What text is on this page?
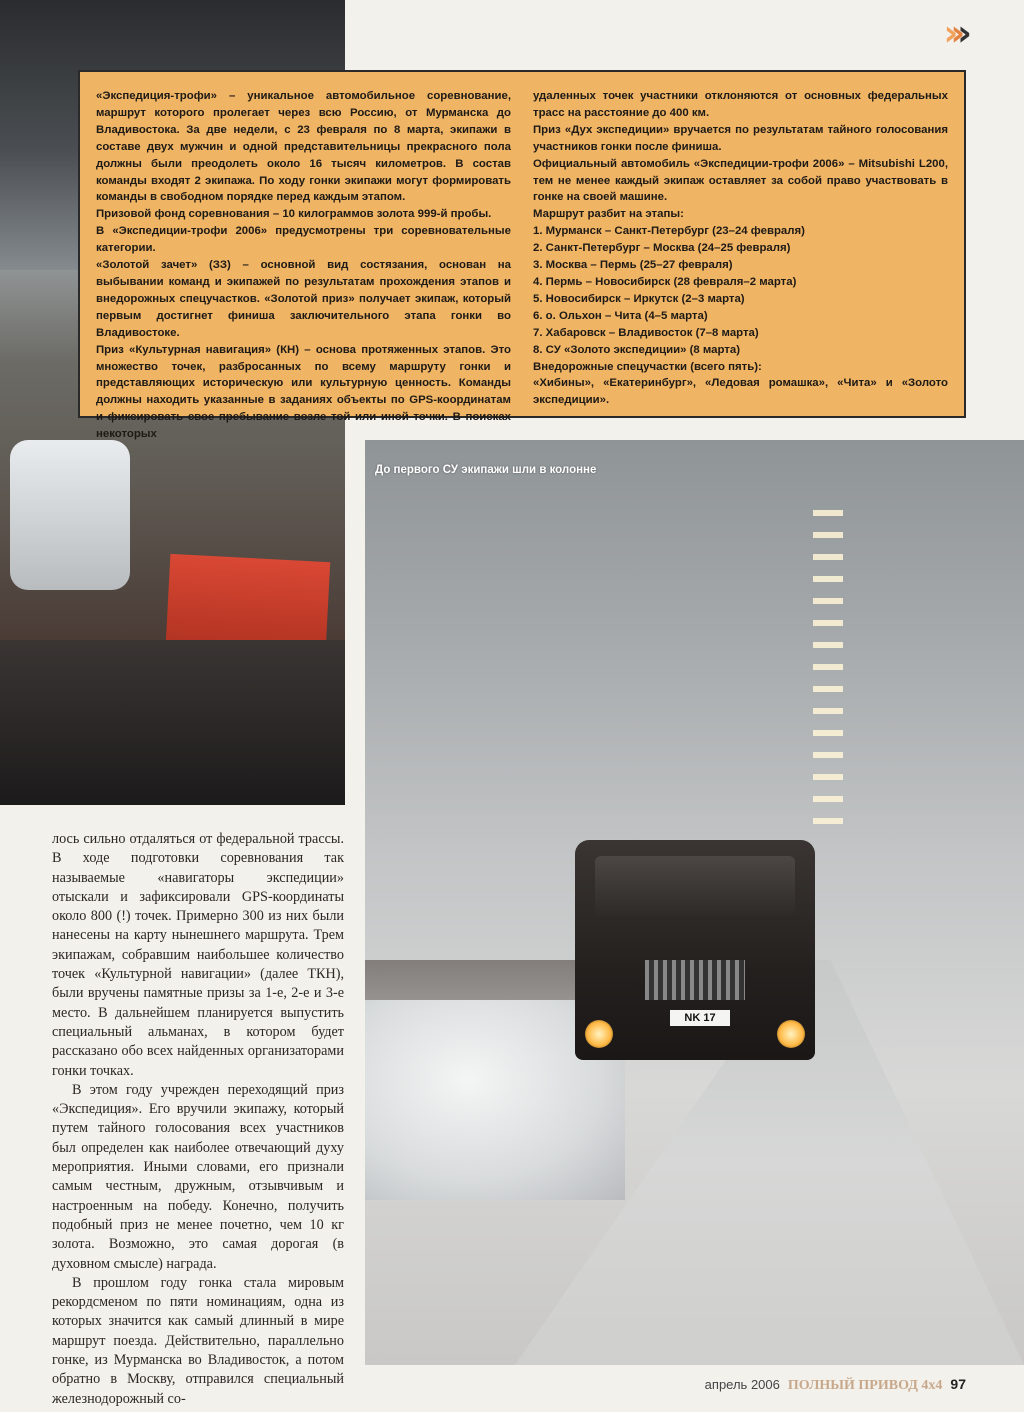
›››

«Экспедиция-трофи» – уникальное автомобильное соревнование, маршрут которого пролегает через всю Россию, от Мурманска до Владивостока. За две недели, с 23 февраля по 8 марта, экипажи в составе двух мужчин и одной представительницы прекрасного пола должны были преодолеть около 16 тысяч километров. В состав команды входят 2 экипажа. По ходу гонки экипажи могут формировать команды в свободном порядке перед каждым этапом.

Призовой фонд соревнования – 10 килограммов золота 999-й пробы.

В «Экспедиции-трофи 2006» предусмотрены три соревновательные категории.

«Золотой зачет» (ЗЗ) – основной вид состязания, основан на выбывании команд и экипажей по результатам прохождения этапов и внедорожных спецучастков. «Золотой приз» получает экипаж, который первым достигнет финиша заключительного этапа гонки во Владивостоке.

Приз «Культурная навигация» (КН) – основа протяженных этапов. Это множество точек, разбросанных по всему маршруту гонки и представляющих историческую или культурную ценность. Команды должны находить указанные в заданиях объекты по GPS-координатам и фиксировать свое пребывание возле той или иной точки. В поисках некоторых

удаленных точек участники отклоняются от основных федеральных трасс на расстояние до 400 км.

Приз «Дух экспедиции» вручается по результатам тайного голосования участников гонки после финиша.

Официальный автомобиль «Экспедиции-трофи 2006» – Mitsubishi L200, тем не менее каждый экипаж оставляет за собой право участвовать в гонке на своей машине.

Маршрут разбит на этапы:

1. Мурманск – Санкт-Петербург (23–24 февраля)
2. Санкт-Петербург – Москва (24–25 февраля)
3. Москва – Пермь (25–27 февраля)
4. Пермь – Новосибирск (28 февраля–2 марта)
5. Новосибирск – Иркутск (2–3 марта)
6. о. Ольхон – Чита (4–5 марта)
7. Хабаровск – Владивосток (7–8 марта)
8. СУ «Золото экспедиции» (8 марта)

Внедорожные спецучастки (всего пять):

«Хибины», «Екатеринбург», «Ледовая ромашка», «Чита» и «Золото экспедиции».

NK 17
До первого СУ экипажи шли в колонне

лось сильно отдаляться от федеральной трассы. В ходе подготовки соревнования так называемые «навигаторы экспедиции» отыскали и зафиксировали GPS-координаты около 800 (!) точек. Примерно 300 из них были нанесены на карту нынешнего маршрута. Трем экипажам, собравшим наибольшее количество точек «Культурной навигации» (далее ТКН), были вручены памятные призы за 1-е, 2-е и 3-е место. В дальнейшем планируется выпустить специальный альманах, в котором будет рассказано обо всех найденных организаторами гонки точках.

В этом году учрежден переходящий приз «Экспедиция». Его вручили экипажу, который путем тайного голосования всех участников был определен как наиболее отвечающий духу мероприятия. Иными словами, его признали самым честным, дружным, отзывчивым и настроенным на победу. Конечно, получить подобный приз не менее почетно, чем 10 кг золота. Возможно, это самая дорогая (в духовном смысле) награда.

В прошлом году гонка стала мировым рекордсменом по пяти номинациям, одна из которых значится как самый длинный в мире маршрут поезда. Действительно, параллельно гонке, из Мурманска во Владивосток, а потом обратно в Москву, отправился специальный железнодорожный со-

апрель 2006 ПОЛНЫЙ ПРИВОД 4x4 97
